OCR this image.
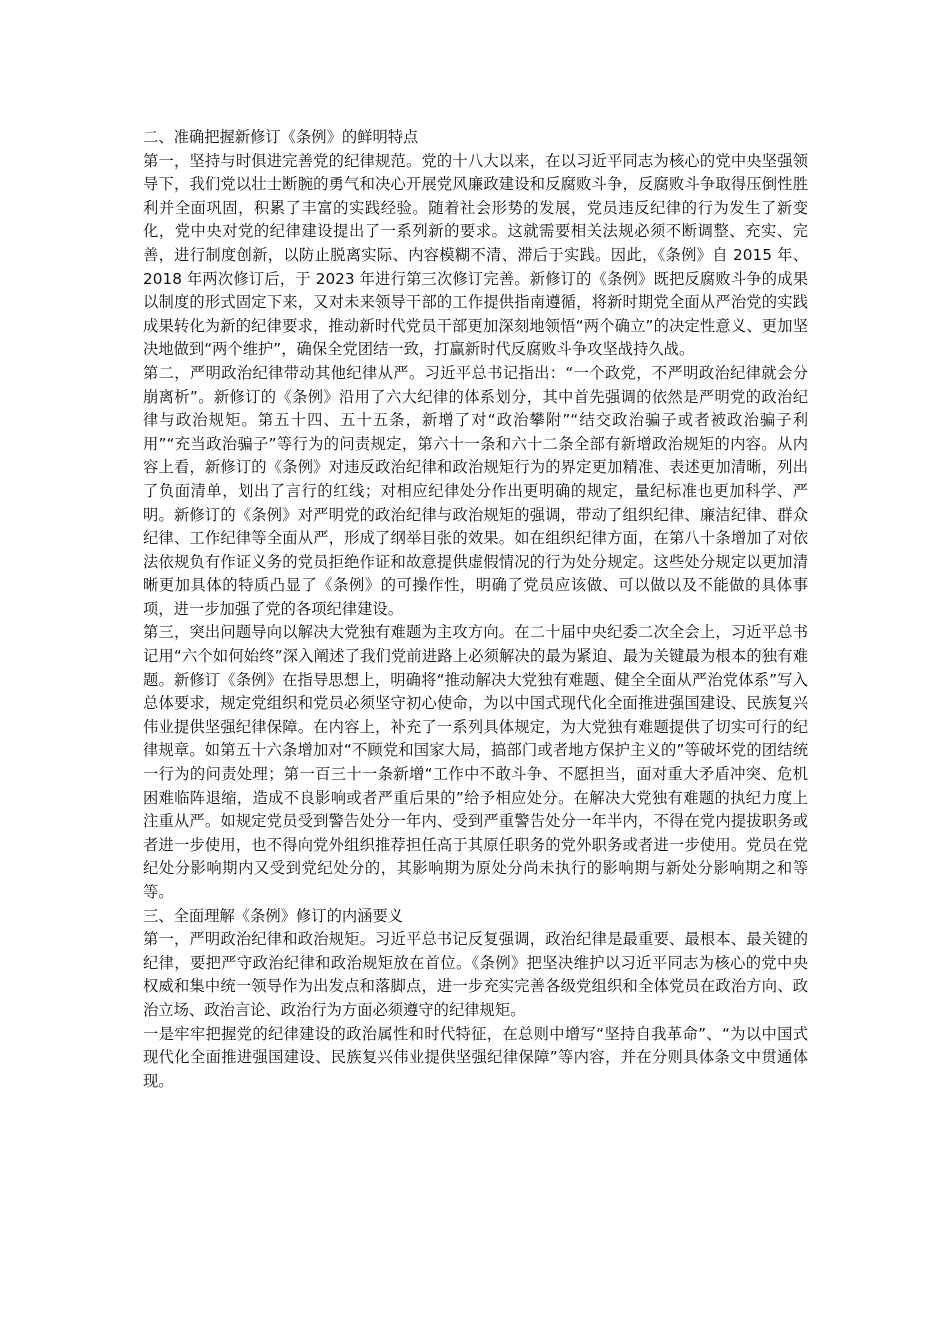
二、准确把握新修订《条例》的鲜明特点

第一，坚持与时俱进完善党的纪律规范。党的十八大以来，在以习近平同志为核心的党中央坚强领导下，我们党以壮士断腕的勇气和决心开展党风廉政建设和反腐败斗争，反腐败斗争取得压倒性胜利并全面巩固，积累了丰富的实践经验。随着社会形势的发展，党员违反纪律的行为发生了新变化，党中央对党的纪律建设提出了一系列新的要求。这就需要相关法规必须不断调整、充实、完善，进行制度创新，以防止脱离实际、内容模糊不清、滞后于实践。因此，《条例》自 2015 年、2018 年两次修订后，于 2023 年进行第三次修订完善。新修订的《条例》既把反腐败斗争的成果以制度的形式固定下来，又对未来领导干部的工作提供指南遵循，将新时期党全面从严治党的实践成果转化为新的纪律要求，推动新时代党员干部更加深刻地领悟“两个确立”的决定性意义、更加坚决地做到“两个维护”，确保全党团结一致，打赢新时代反腐败斗争攻坚战持久战。

第二，严明政治纪律带动其他纪律从严。习近平总书记指出：“一个政党，不严明政治纪律就会分崩离析”。新修订的《条例》沿用了六大纪律的体系划分，其中首先强调的依然是严明党的政治纪律与政治规矩。第五十四、五十五条，新增了对“政治攀附”“结交政治骗子或者被政治骗子利用”“充当政治骗子”等行为的问责规定，第六十一条和六十二条全部有新增政治规矩的内容。从内容上看，新修订的《条例》对违反政治纪律和政治规矩行为的界定更加精准、表述更加清晰，列出了负面清单，划出了言行的红线；对相应纪律处分作出更明确的规定，量纪标准也更加科学、严明。新修订的《条例》对严明党的政治纪律与政治规矩的强调，带动了组织纪律、廉洁纪律、群众纪律、工作纪律等全面从严，形成了纲举目张的效果。如在组织纪律方面，在第八十条增加了对依法依规负有作证义务的党员拒绝作证和故意提供虚假情况的行为处分规定。这些处分规定以更加清晰更加具体的特质凸显了《条例》的可操作性，明确了党员应该做、可以做以及不能做的具体事项，进一步加强了党的各项纪律建设。

第三，突出问题导向以解决大党独有难题为主攻方向。在二十届中央纪委二次全会上，习近平总书记用“六个如何始终”深入阐述了我们党前进路上必须解决的最为紧迫、最为关键最为根本的独有难题。新修订《条例》在指导思想上，明确将“推动解决大党独有难题、健全全面从严治党体系”写入总体要求，规定党组织和党员必须坚守初心使命，为以中国式现代化全面推进强国建设、民族复兴伟业提供坚强纪律保障。在内容上，补充了一系列具体规定，为大党独有难题提供了切实可行的纪律规章。如第五十六条增加对“不顾党和国家大局，搞部门或者地方保护主义的”等破坏党的团结统一行为的问责处理；第一百三十一条新增“工作中不敢斗争、不愿担当，面对重大矛盾冲突、危机困难临阵退缩，造成不良影响或者严重后果的”给予相应处分。在解决大党独有难题的执纪力度上注重从严。如规定党员受到警告处分一年内、受到严重警告处分一年半内，不得在党内提拔职务或者进一步使用，也不得向党外组织推荐担任高于其原任职务的党外职务或者进一步使用。党员在党纪处分影响期内又受到党纪处分的，其影响期为原处分尚未执行的影响期与新处分影响期之和等等。

三、全面理解《条例》修订的内涵要义

第一，严明政治纪律和政治规矩。习近平总书记反复强调，政治纪律是最重要、最根本、最关键的纪律，要把严守政治纪律和政治规矩放在首位。《条例》把坚决维护以习近平同志为核心的党中央权威和集中统一领导作为出发点和落脚点，进一步充实完善各级党组织和全体党员在政治方向、政治立场、政治言论、政治行为方面必须遵守的纪律规矩。

一是牢牢把握党的纪律建设的政治属性和时代特征，在总则中增写“坚持自我革命”、“为以中国式现代化全面推进强国建设、民族复兴伟业提供坚强纪律保障”等内容，并在分则具体条文中贯通体现。
